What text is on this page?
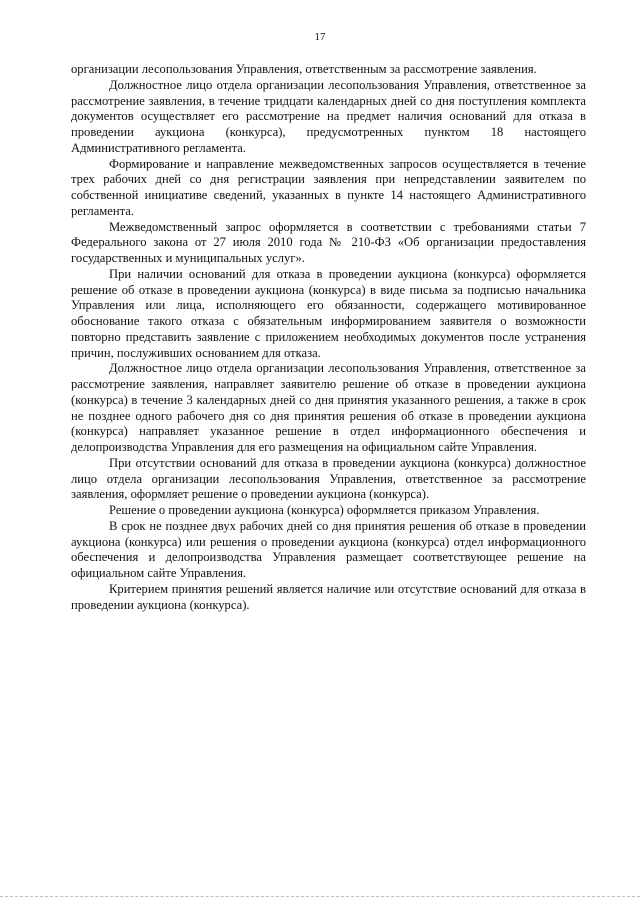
17

организации лесопользования Управления, ответственным за рассмотрение заявления.

Должностное лицо отдела организации лесопользования Управления, ответственное за рассмотрение заявления, в течение тридцати календарных дней со дня поступления комплекта документов осуществляет его рассмотрение на предмет наличия оснований для отказа в проведении аукциона (конкурса), предусмотренных пунктом 18 настоящего Административного регламента.

Формирование и направление межведомственных запросов осуществляется в течение трех рабочих дней со дня регистрации заявления при непредставлении заявителем по собственной инициативе сведений, указанных в пункте 14 настоящего Административного регламента.

Межведомственный запрос оформляется в соответствии с требованиями статьи 7 Федерального закона от 27 июля 2010 года № 210-ФЗ «Об организации предоставления государственных и муниципальных услуг».

При наличии оснований для отказа в проведении аукциона (конкурса) оформляется решение об отказе в проведении аукциона (конкурса) в виде письма за подписью начальника Управления или лица, исполняющего его обязанности, содержащего мотивированное обоснование такого отказа с обязательным информированием заявителя о возможности повторно представить заявление с приложением необходимых документов после устранения причин, послуживших основанием для отказа.

Должностное лицо отдела организации лесопользования Управления, ответственное за рассмотрение заявления, направляет заявителю решение об отказе в проведении аукциона (конкурса) в течение 3 календарных дней со дня принятия указанного решения, а также в срок не позднее одного рабочего дня со дня принятия решения об отказе в проведении аукциона (конкурса) направляет указанное решение в отдел информационного обеспечения и делопроизводства Управления для его размещения на официальном сайте Управления.

При отсутствии оснований для отказа в проведении аукциона (конкурса) должностное лицо отдела организации лесопользования Управления, ответственное за рассмотрение заявления, оформляет решение о проведении аукциона (конкурса).

Решение о проведении аукциона (конкурса) оформляется приказом Управления.

В срок не позднее двух рабочих дней со дня принятия решения об отказе в проведении аукциона (конкурса) или решения о проведении аукциона (конкурса) отдел информационного обеспечения и делопроизводства Управления размещает соответствующее решение на официальном сайте Управления.

Критерием принятия решений является наличие или отсутствие оснований для отказа в проведении аукциона (конкурса).
